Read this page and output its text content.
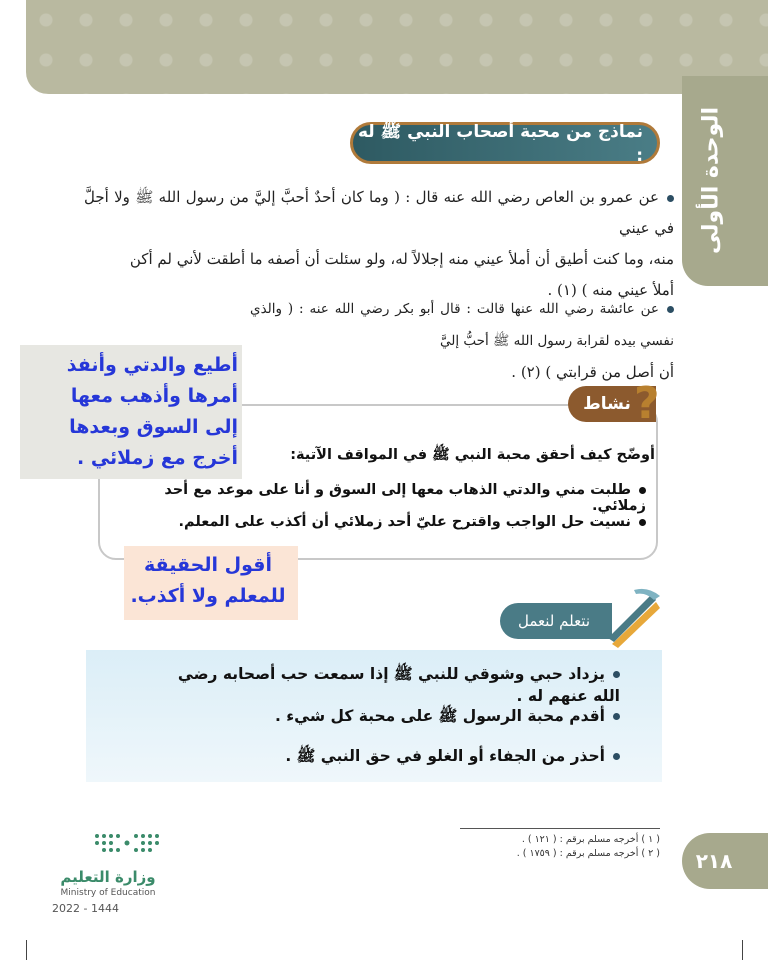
الوحدة الأولى
نماذج من محبة أصحاب النبي ﷺ له :
عن عمرو بن العاص رضي الله عنه قال : ( وما كان أحدٌ أحبَّ إليَّ من رسول الله ﷺ ولا أجلَّ في عيني
منه، وما كنت أطيق أن أملأ عيني منه إجلالاً له، ولو سئلت أن أصفه ما أطقت لأني لم أكن
أملأ عيني منه ) (١) .
عن عائشة رضي الله عنها قالت : قال أبو بكر رضي الله عنه : ( والذي نفسي بيده لقرابة رسول الله ﷺ أحبُّ إليَّ
أن أصل من قرابتي ) (٢) .
نشاط ?
أوضّح كيف أحقق محبة النبي ﷺ في المواقف الآتية:
طلبت مني والدتي الذهاب معها إلى السوق و أنا على موعد مع أحد زملائي.
نسيت حل الواجب واقترح عليّ أحد زملائي أن أكذب على المعلم.
أطيع والدتي وأنفذ
أمرها وأذهب معها
إلى السوق وبعدها
أخرج مع زملائي .
أقول الحقيقة
للمعلم ولا أكذب.
نتعلم لنعمل
يزداد حبي وشوقي للنبي ﷺ إذا سمعت حب أصحابه رضي الله عنهم له .
أقدم محبة الرسول ﷺ على محبة كل شيء .
أحذر من الجفاء أو الغلو في حق النبي ﷺ .
( ١ ) أخرجه مسلم برقم : ( ١٢١ ) .
( ٢ ) أخرجه مسلم برقم : ( ١٧٥٩ ) .	٢١٨
وزارة التعليم
Ministry of Education
2022 - 1444
